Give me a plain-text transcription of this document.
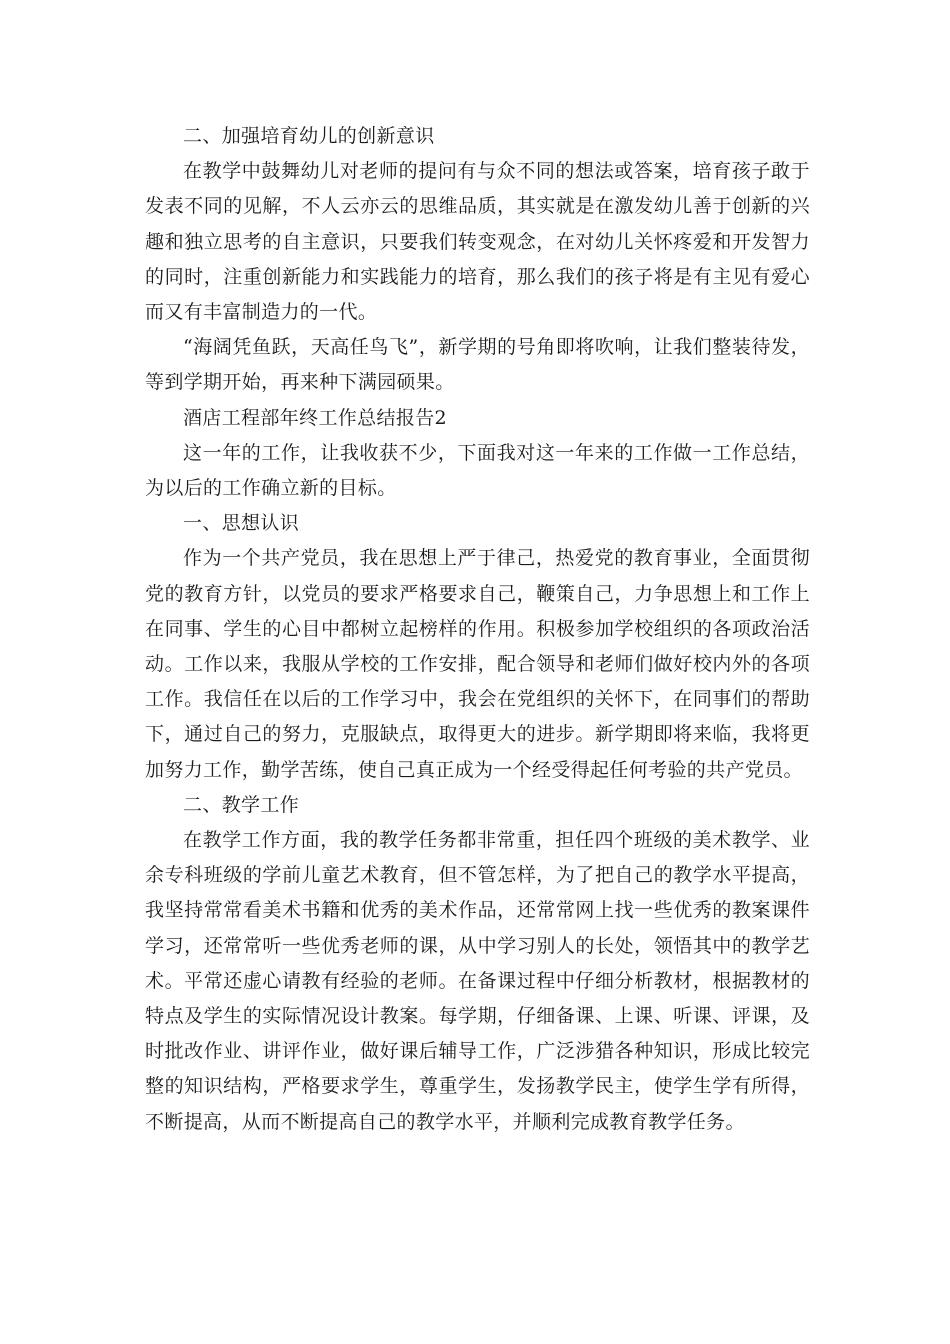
二、加强培育幼儿的创新意识

在教学中鼓舞幼儿对老师的提问有与众不同的想法或答案，培育孩子敢于发表不同的见解，不人云亦云的思维品质，其实就是在激发幼儿善于创新的兴趣和独立思考的自主意识，只要我们转变观念，在对幼儿关怀疼爱和开发智力的同时，注重创新能力和实践能力的培育，那么我们的孩子将是有主见有爱心而又有丰富制造力的一代。

“海阔凭鱼跃，天高任鸟飞”，新学期的号角即将吹响，让我们整装待发，等到学期开始，再来种下满园硕果。

酒店工程部年终工作总结报告2

这一年的工作，让我收获不少，下面我对这一年来的工作做一工作总结，为以后的工作确立新的目标。

一、思想认识

作为一个共产党员，我在思想上严于律己，热爱党的教育事业，全面贯彻党的教育方针，以党员的要求严格要求自己，鞭策自己，力争思想上和工作上在同事、学生的心目中都树立起榜样的作用。积极参加学校组织的各项政治活动。工作以来，我服从学校的工作安排，配合领导和老师们做好校内外的各项工作。我信任在以后的工作学习中，我会在党组织的关怀下，在同事们的帮助下，通过自己的努力，克服缺点，取得更大的进步。新学期即将来临，我将更加努力工作，勤学苦练，使自己真正成为一个经受得起任何考验的共产党员。

二、教学工作

在教学工作方面，我的教学任务都非常重，担任四个班级的美术教学、业余专科班级的学前儿童艺术教育，但不管怎样，为了把自己的教学水平提高，我坚持常常看美术书籍和优秀的美术作品，还常常网上找一些优秀的教案课件学习，还常常听一些优秀老师的课，从中学习别人的长处，领悟其中的教学艺术。平常还虚心请教有经验的老师。在备课过程中仔细分析教材，根据教材的特点及学生的实际情况设计教案。每学期，仔细备课、上课、听课、评课，及时批改作业、讲评作业，做好课后辅导工作，广泛涉猎各种知识，形成比较完整的知识结构，严格要求学生，尊重学生，发扬教学民主，使学生学有所得，不断提高，从而不断提高自己的教学水平，并顺利完成教育教学任务。
